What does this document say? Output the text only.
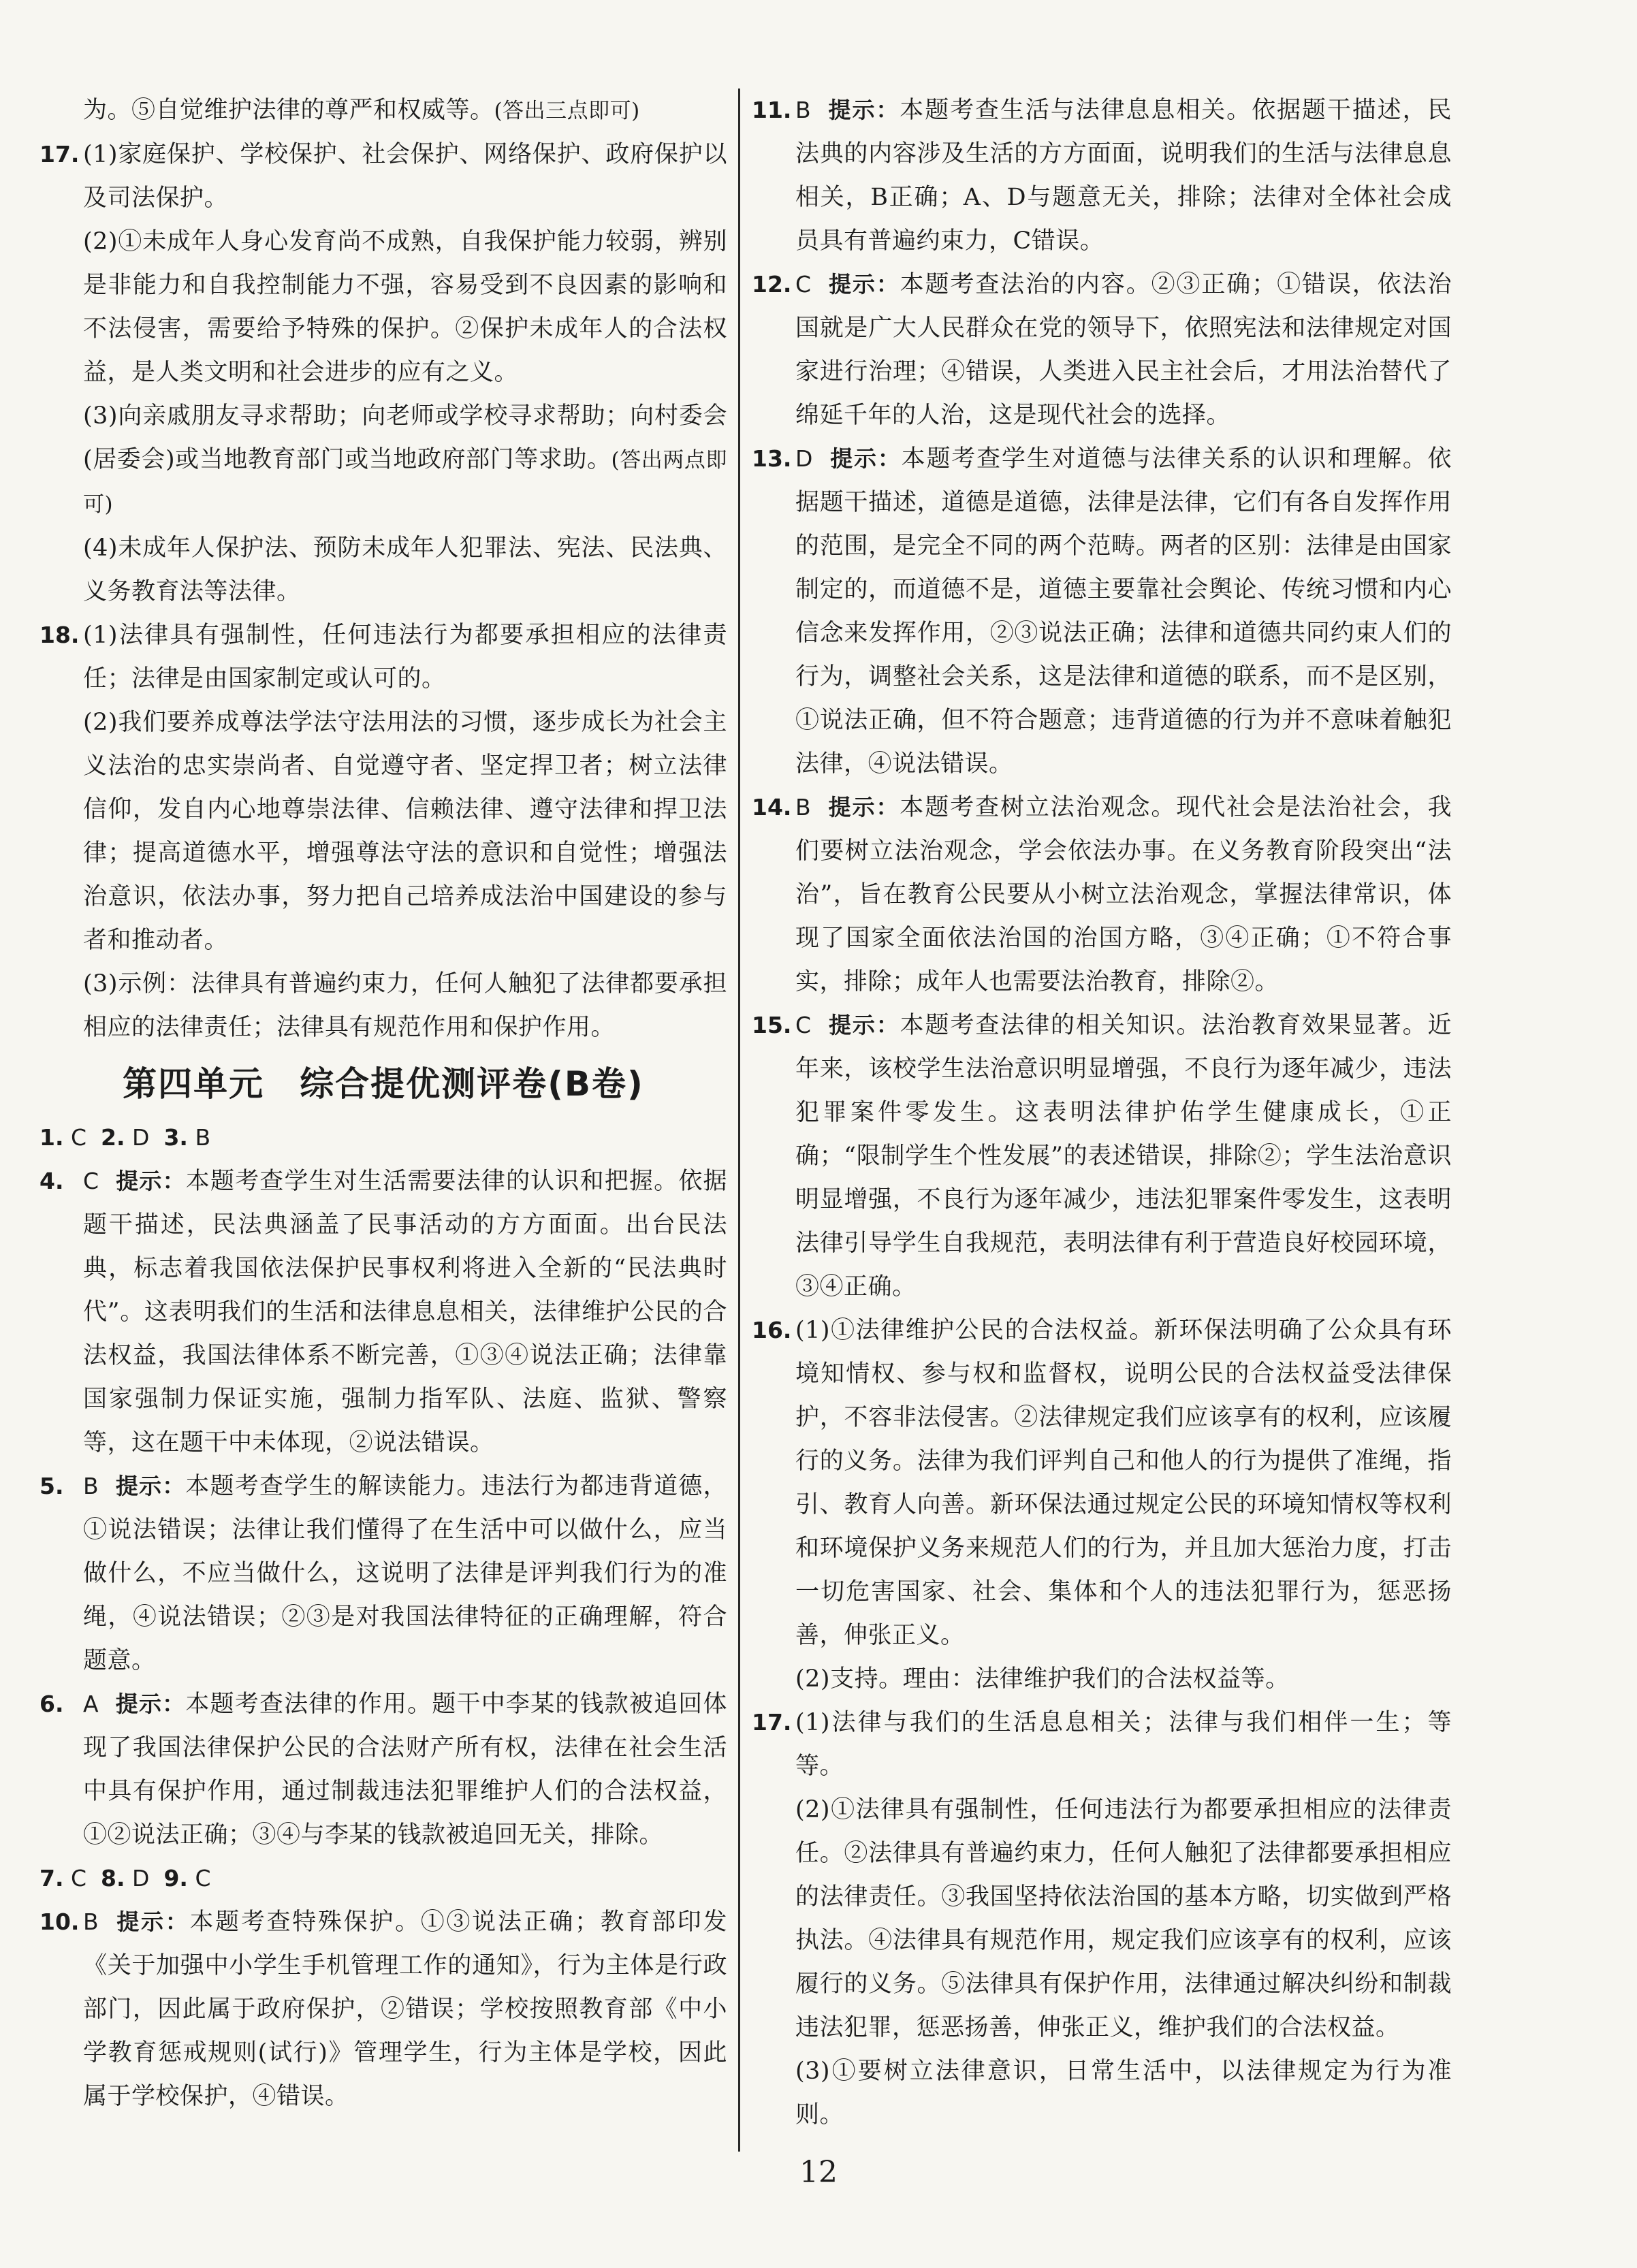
为。⑤自觉维护法律的尊严和权威等。(答出三点即可)

17. (1)家庭保护、学校保护、社会保护、网络保护、政府保护以及司法保护。

(2)①未成年人身心发育尚不成熟，自我保护能力较弱，辨别是非能力和自我控制能力不强，容易受到不良因素的影响和不法侵害，需要给予特殊的保护。②保护未成年人的合法权益，是人类文明和社会进步的应有之义。

(3)向亲戚朋友寻求帮助；向老师或学校寻求帮助；向村委会(居委会)或当地教育部门或当地政府部门等求助。(答出两点即可)

(4)未成年人保护法、预防未成年人犯罪法、宪法、民法典、义务教育法等法律。

18. (1)法律具有强制性，任何违法行为都要承担相应的法律责任；法律是由国家制定或认可的。

(2)我们要养成尊法学法守法用法的习惯，逐步成长为社会主义法治的忠实崇尚者、自觉遵守者、坚定捍卫者；树立法律信仰，发自内心地尊崇法律、信赖法律、遵守法律和捍卫法律；提高道德水平，增强尊法守法的意识和自觉性；增强法治意识，依法办事，努力把自己培养成法治中国建设的参与者和推动者。

(3)示例：法律具有普遍约束力，任何人触犯了法律都要承担相应的法律责任；法律具有规范作用和保护作用。

第四单元　综合提优测评卷(B卷)

1. C 2. D 3. B

4. C 提示：本题考查学生对生活需要法律的认识和把握。依据题干描述，民法典涵盖了民事活动的方方面面。出台民法典，标志着我国依法保护民事权利将进入全新的“民法典时代”。这表明我们的生活和法律息息相关，法律维护公民的合法权益，我国法律体系不断完善，①③④说法正确；法律靠国家强制力保证实施，强制力指军队、法庭、监狱、警察等，这在题干中未体现，②说法错误。

5. B 提示：本题考查学生的解读能力。违法行为都违背道德，①说法错误；法律让我们懂得了在生活中可以做什么，应当做什么，不应当做什么，这说明了法律是评判我们行为的准绳，④说法错误；②③是对我国法律特征的正确理解，符合题意。

6. A 提示：本题考查法律的作用。题干中李某的钱款被追回体现了我国法律保护公民的合法财产所有权，法律在社会生活中具有保护作用，通过制裁违法犯罪维护人们的合法权益，①②说法正确；③④与李某的钱款被追回无关，排除。

7. C 8. D 9. C

10. B 提示：本题考查特殊保护。①③说法正确；教育部印发《关于加强中小学生手机管理工作的通知》，行为主体是行政部门，因此属于政府保护，②错误；学校按照教育部《中小学教育惩戒规则(试行)》管理学生，行为主体是学校，因此属于学校保护，④错误。

11. B 提示：本题考查生活与法律息息相关。依据题干描述，民法典的内容涉及生活的方方面面，说明我们的生活与法律息息相关，B正确；A、D与题意无关，排除；法律对全体社会成员具有普遍约束力，C错误。

12. C 提示：本题考查法治的内容。②③正确；①错误，依法治国就是广大人民群众在党的领导下，依照宪法和法律规定对国家进行治理；④错误，人类进入民主社会后，才用法治替代了绵延千年的人治，这是现代社会的选择。

13. D 提示：本题考查学生对道德与法律关系的认识和理解。依据题干描述，道德是道德，法律是法律，它们有各自发挥作用的范围，是完全不同的两个范畴。两者的区别：法律是由国家制定的，而道德不是，道德主要靠社会舆论、传统习惯和内心信念来发挥作用，②③说法正确；法律和道德共同约束人们的行为，调整社会关系，这是法律和道德的联系，而不是区别，①说法正确，但不符合题意；违背道德的行为并不意味着触犯法律，④说法错误。

14. B 提示：本题考查树立法治观念。现代社会是法治社会，我们要树立法治观念，学会依法办事。在义务教育阶段突出“法治”，旨在教育公民要从小树立法治观念，掌握法律常识，体现了国家全面依法治国的治国方略，③④正确；①不符合事实，排除；成年人也需要法治教育，排除②。

15. C 提示：本题考查法律的相关知识。法治教育效果显著。近年来，该校学生法治意识明显增强，不良行为逐年减少，违法犯罪案件零发生。这表明法律护佑学生健康成长，①正确；“限制学生个性发展”的表述错误，排除②；学生法治意识明显增强，不良行为逐年减少，违法犯罪案件零发生，这表明法律引导学生自我规范，表明法律有利于营造良好校园环境，③④正确。

16. (1)①法律维护公民的合法权益。新环保法明确了公众具有环境知情权、参与权和监督权，说明公民的合法权益受法律保护，不容非法侵害。②法律规定我们应该享有的权利，应该履行的义务。法律为我们评判自己和他人的行为提供了准绳，指引、教育人向善。新环保法通过规定公民的环境知情权等权利和环境保护义务来规范人们的行为，并且加大惩治力度，打击一切危害国家、社会、集体和个人的违法犯罪行为，惩恶扬善，伸张正义。

(2)支持。理由：法律维护我们的合法权益等。

17. (1)法律与我们的生活息息相关；法律与我们相伴一生；等等。

(2)①法律具有强制性，任何违法行为都要承担相应的法律责任。②法律具有普遍约束力，任何人触犯了法律都要承担相应的法律责任。③我国坚持依法治国的基本方略，切实做到严格执法。④法律具有规范作用，规定我们应该享有的权利，应该履行的义务。⑤法律具有保护作用，法律通过解决纠纷和制裁违法犯罪，惩恶扬善，伸张正义，维护我们的合法权益。

(3)①要树立法律意识，日常生活中，以法律规定为行为准则。

12
